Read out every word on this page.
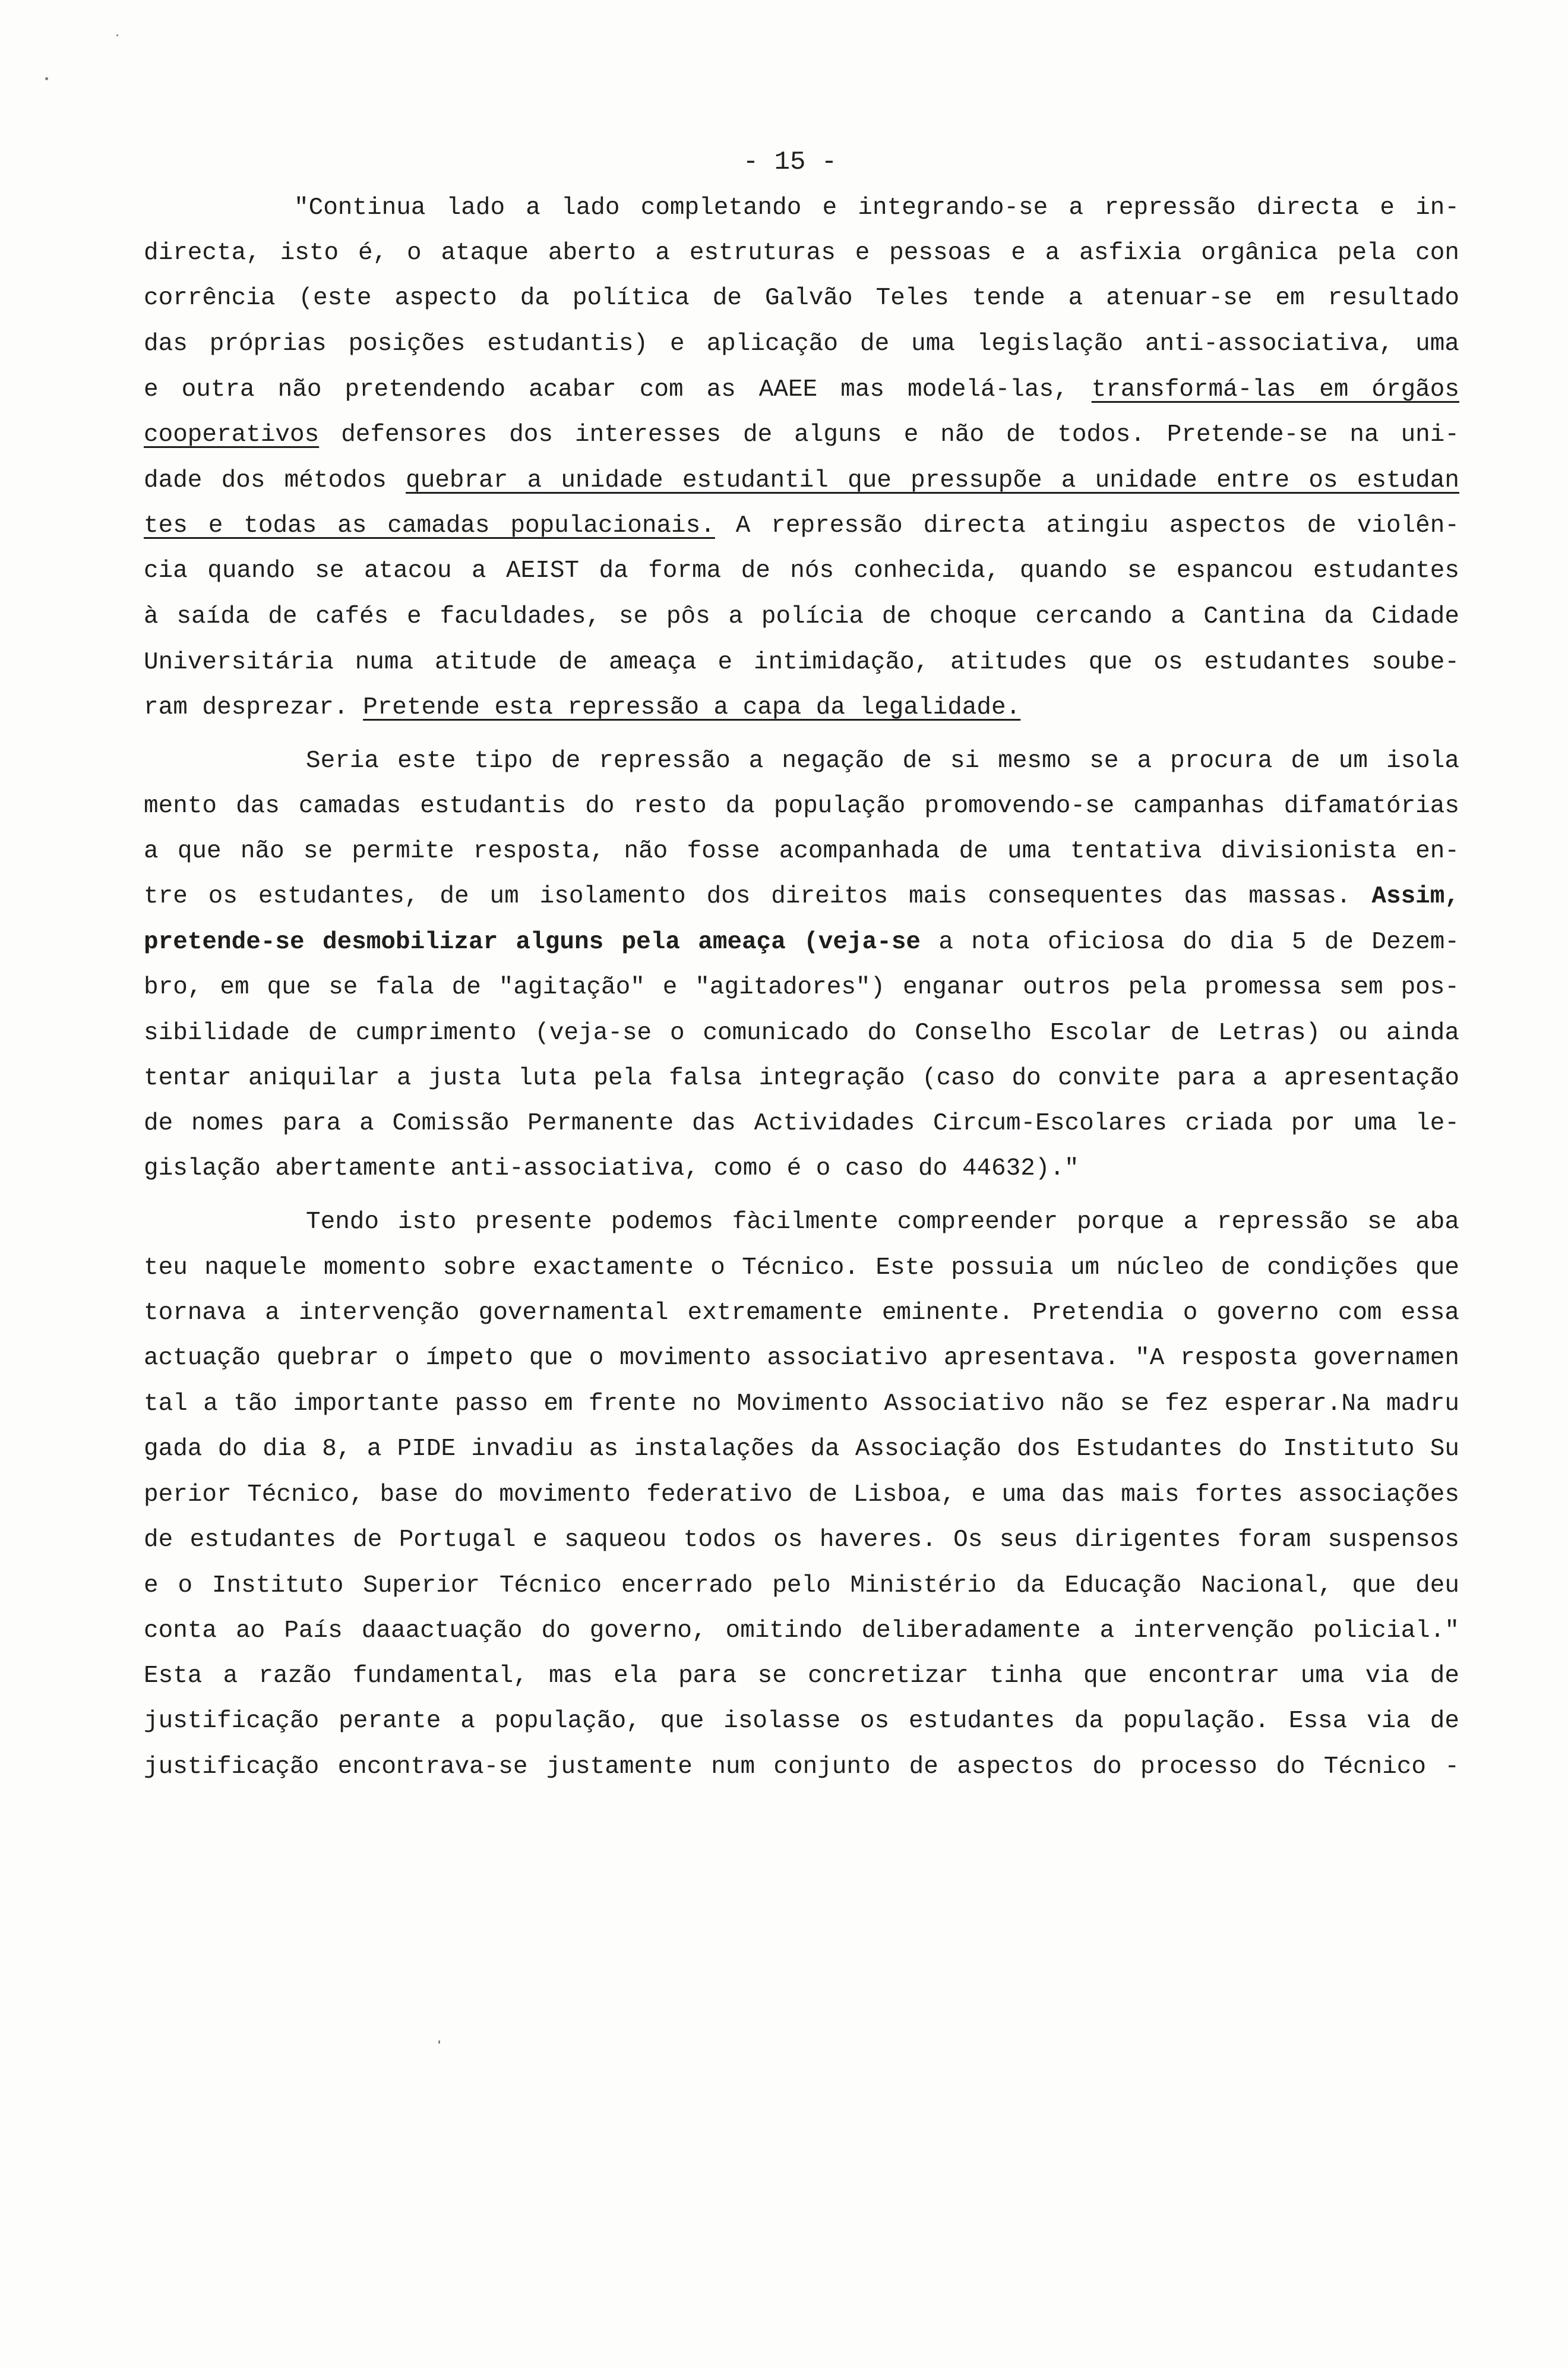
- 15 -
"Continua lado a lado completando e integrando-se a repressão directa e in-
directa, isto é, o ataque aberto a estruturas e pessoas e a asfixia orgânica pela con
corrência (este aspecto da política de Galvão Teles tende a atenuar-se em resultado
das próprias posições estudantis) e aplicação de uma legislação anti-associativa, uma
e outra não pretendendo acabar com as AAEE mas modelá-las, transformá-las em órgãos
cooperativos defensores dos interesses de alguns e não de todos. Pretende-se na uni-
dade dos métodos quebrar a unidade estudantil que pressupõe a unidade entre os estudan
tes e todas as camadas populacionais. A repressão directa atingiu aspectos de violên-
cia quando se atacou a AEIST da forma de nós conhecida, quando se espancou estudantes
à saída de cafés e faculdades, se pôs a polícia de choque cercando a Cantina da Cidade
Universitária numa atitude de ameaça e intimidação, atitudes que os estudantes soube-
ram desprezar. Pretende esta repressão a capa da legalidade.
Seria este tipo de repressão a negação de si mesmo se a procura de um isola
mento das camadas estudantis do resto da população promovendo-se campanhas difamatórias
a que não se permite resposta, não fosse acompanhada de uma tentativa divisionista en-
tre os estudantes, de um isolamento dos direitos mais consequentes das massas. Assim,
pretende-se desmobilizar alguns pela ameaça (veja-se a nota oficiosa do dia 5 de Dezem-
bro, em que se fala de "agitação" e "agitadores") enganar outros pela promessa sem pos-
sibilidade de cumprimento (veja-se o comunicado do Conselho Escolar de Letras) ou ainda
tentar aniquilar a justa luta pela falsa integração (caso do convite para a apresentação
de nomes para a Comissão Permanente das Actividades Circum-Escolares criada por uma le-
gislação abertamente anti-associativa, como é o caso do 44632)."
Tendo isto presente podemos fàcilmente compreender porque a repressão se aba
teu naquele momento sobre exactamente o Técnico. Este possuia um núcleo de condições que
tornava a intervenção governamental extremamente eminente. Pretendia o governo com essa
actuação quebrar o ímpeto que o movimento associativo apresentava. "A resposta governamen
tal a tão importante passo em frente no Movimento Associativo não se fez esperar.Na madru
gada do dia 8, a PIDE invadiu as instalações da Associação dos Estudantes do Instituto Su
perior Técnico, base do movimento federativo de Lisboa, e uma das mais fortes associações
de estudantes de Portugal e saqueou todos os haveres. Os seus dirigentes foram suspensos
e o Instituto Superior Técnico encerrado pelo Ministério da Educação Nacional, que deu
conta ao País daaactuação do governo, omitindo deliberadamente a intervenção policial."
Esta a razão fundamental, mas ela para se concretizar tinha que encontrar uma via de
justificação perante a população, que isolasse os estudantes da população. Essa via de
justificação encontrava-se justamente num conjunto de aspectos do processo do Técnico -
